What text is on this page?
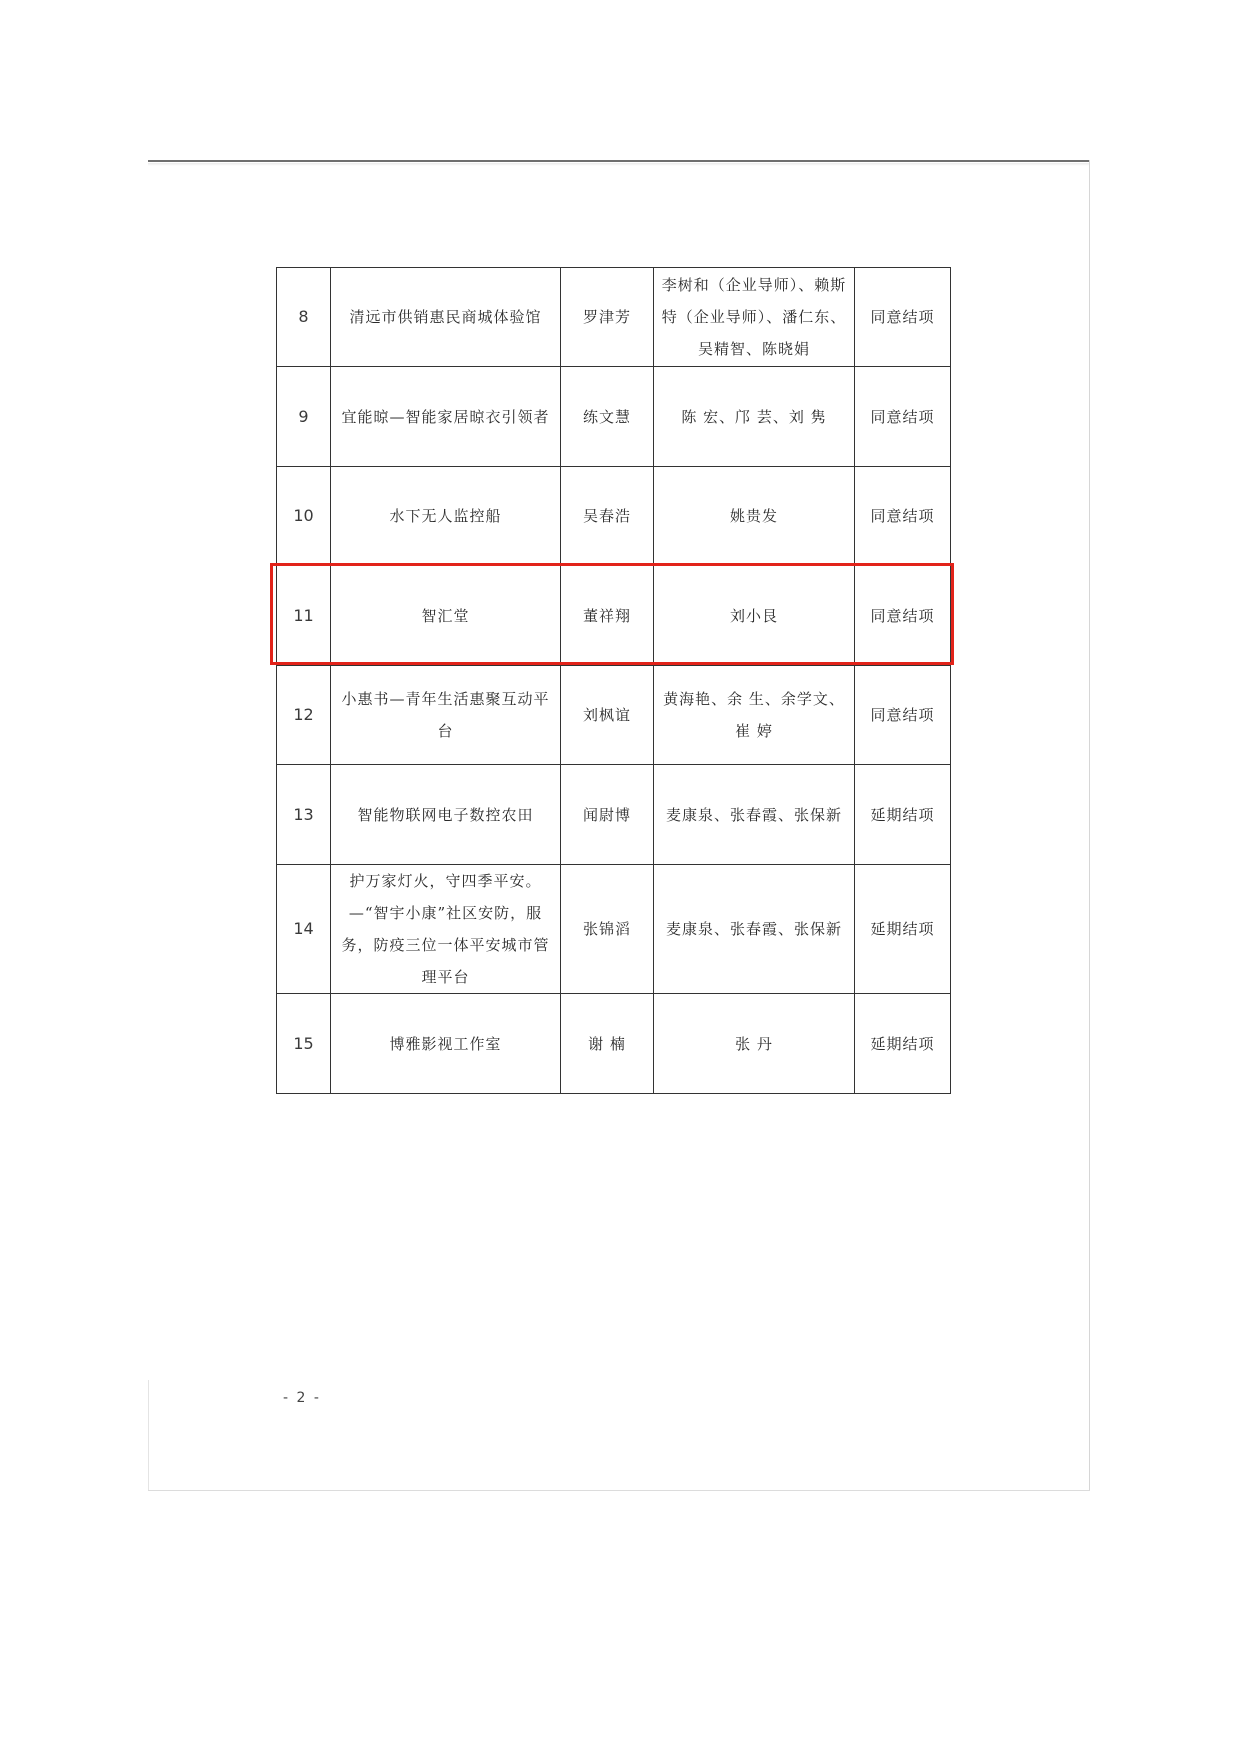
8	清远市供销惠民商城体验馆	罗津芳	李树和（企业导师）、赖斯特（企业导师）、潘仁东、吴精智、陈晓娟	同意结项
9	宜能晾—智能家居晾衣引领者	练文慧	陈 宏、邝 芸、刘 隽	同意结项
10	水下无人监控船	吴春浩	姚贵发	同意结项
11	智汇堂	董祥翔	刘小艮	同意结项
12	小惠书—青年生活惠聚互动平台	刘枫谊	黄海艳、余 生、余学文、崔 婷	同意结项
13	智能物联网电子数控农田	闻尉博	麦康泉、张春霞、张保新	延期结项
14	护万家灯火，守四季平安。—“智宇小康”社区安防，服务，防疫三位一体平安城市管理平台	张锦滔	麦康泉、张春霞、张保新	延期结项
15	博雅影视工作室	谢 楠	张 丹	延期结项
- 2 -
